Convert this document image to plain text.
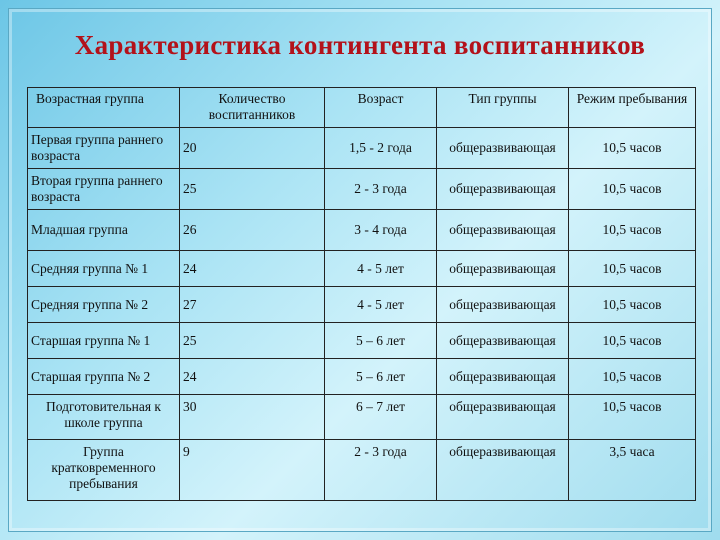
Характеристика контингента воспитанников
Возрастная группа	Количество воспитанников	Возраст	Тип группы	Режим пребывания
Первая группа раннего возраста	20	1,5 - 2 года	общеразвивающая	10,5 часов
Вторая группа раннего возраста	25	2 - 3 года	общеразвивающая	10,5 часов
Младшая группа	26	3 - 4 года	общеразвивающая	10,5 часов
Средняя группа № 1	24	4 - 5 лет	общеразвивающая	10,5 часов
Средняя группа № 2	27	4 - 5 лет	общеразвивающая	10,5 часов
Старшая группа № 1	25	5 – 6 лет	общеразвивающая	10,5 часов
Старшая группа № 2	24	5 – 6 лет	общеразвивающая	10,5 часов
Подготовительная к школе группа	30	6 – 7 лет	общеразвивающая	10,5 часов
Группа кратковременного пребывания	9	2 - 3 года	общеразвивающая	3,5 часа
